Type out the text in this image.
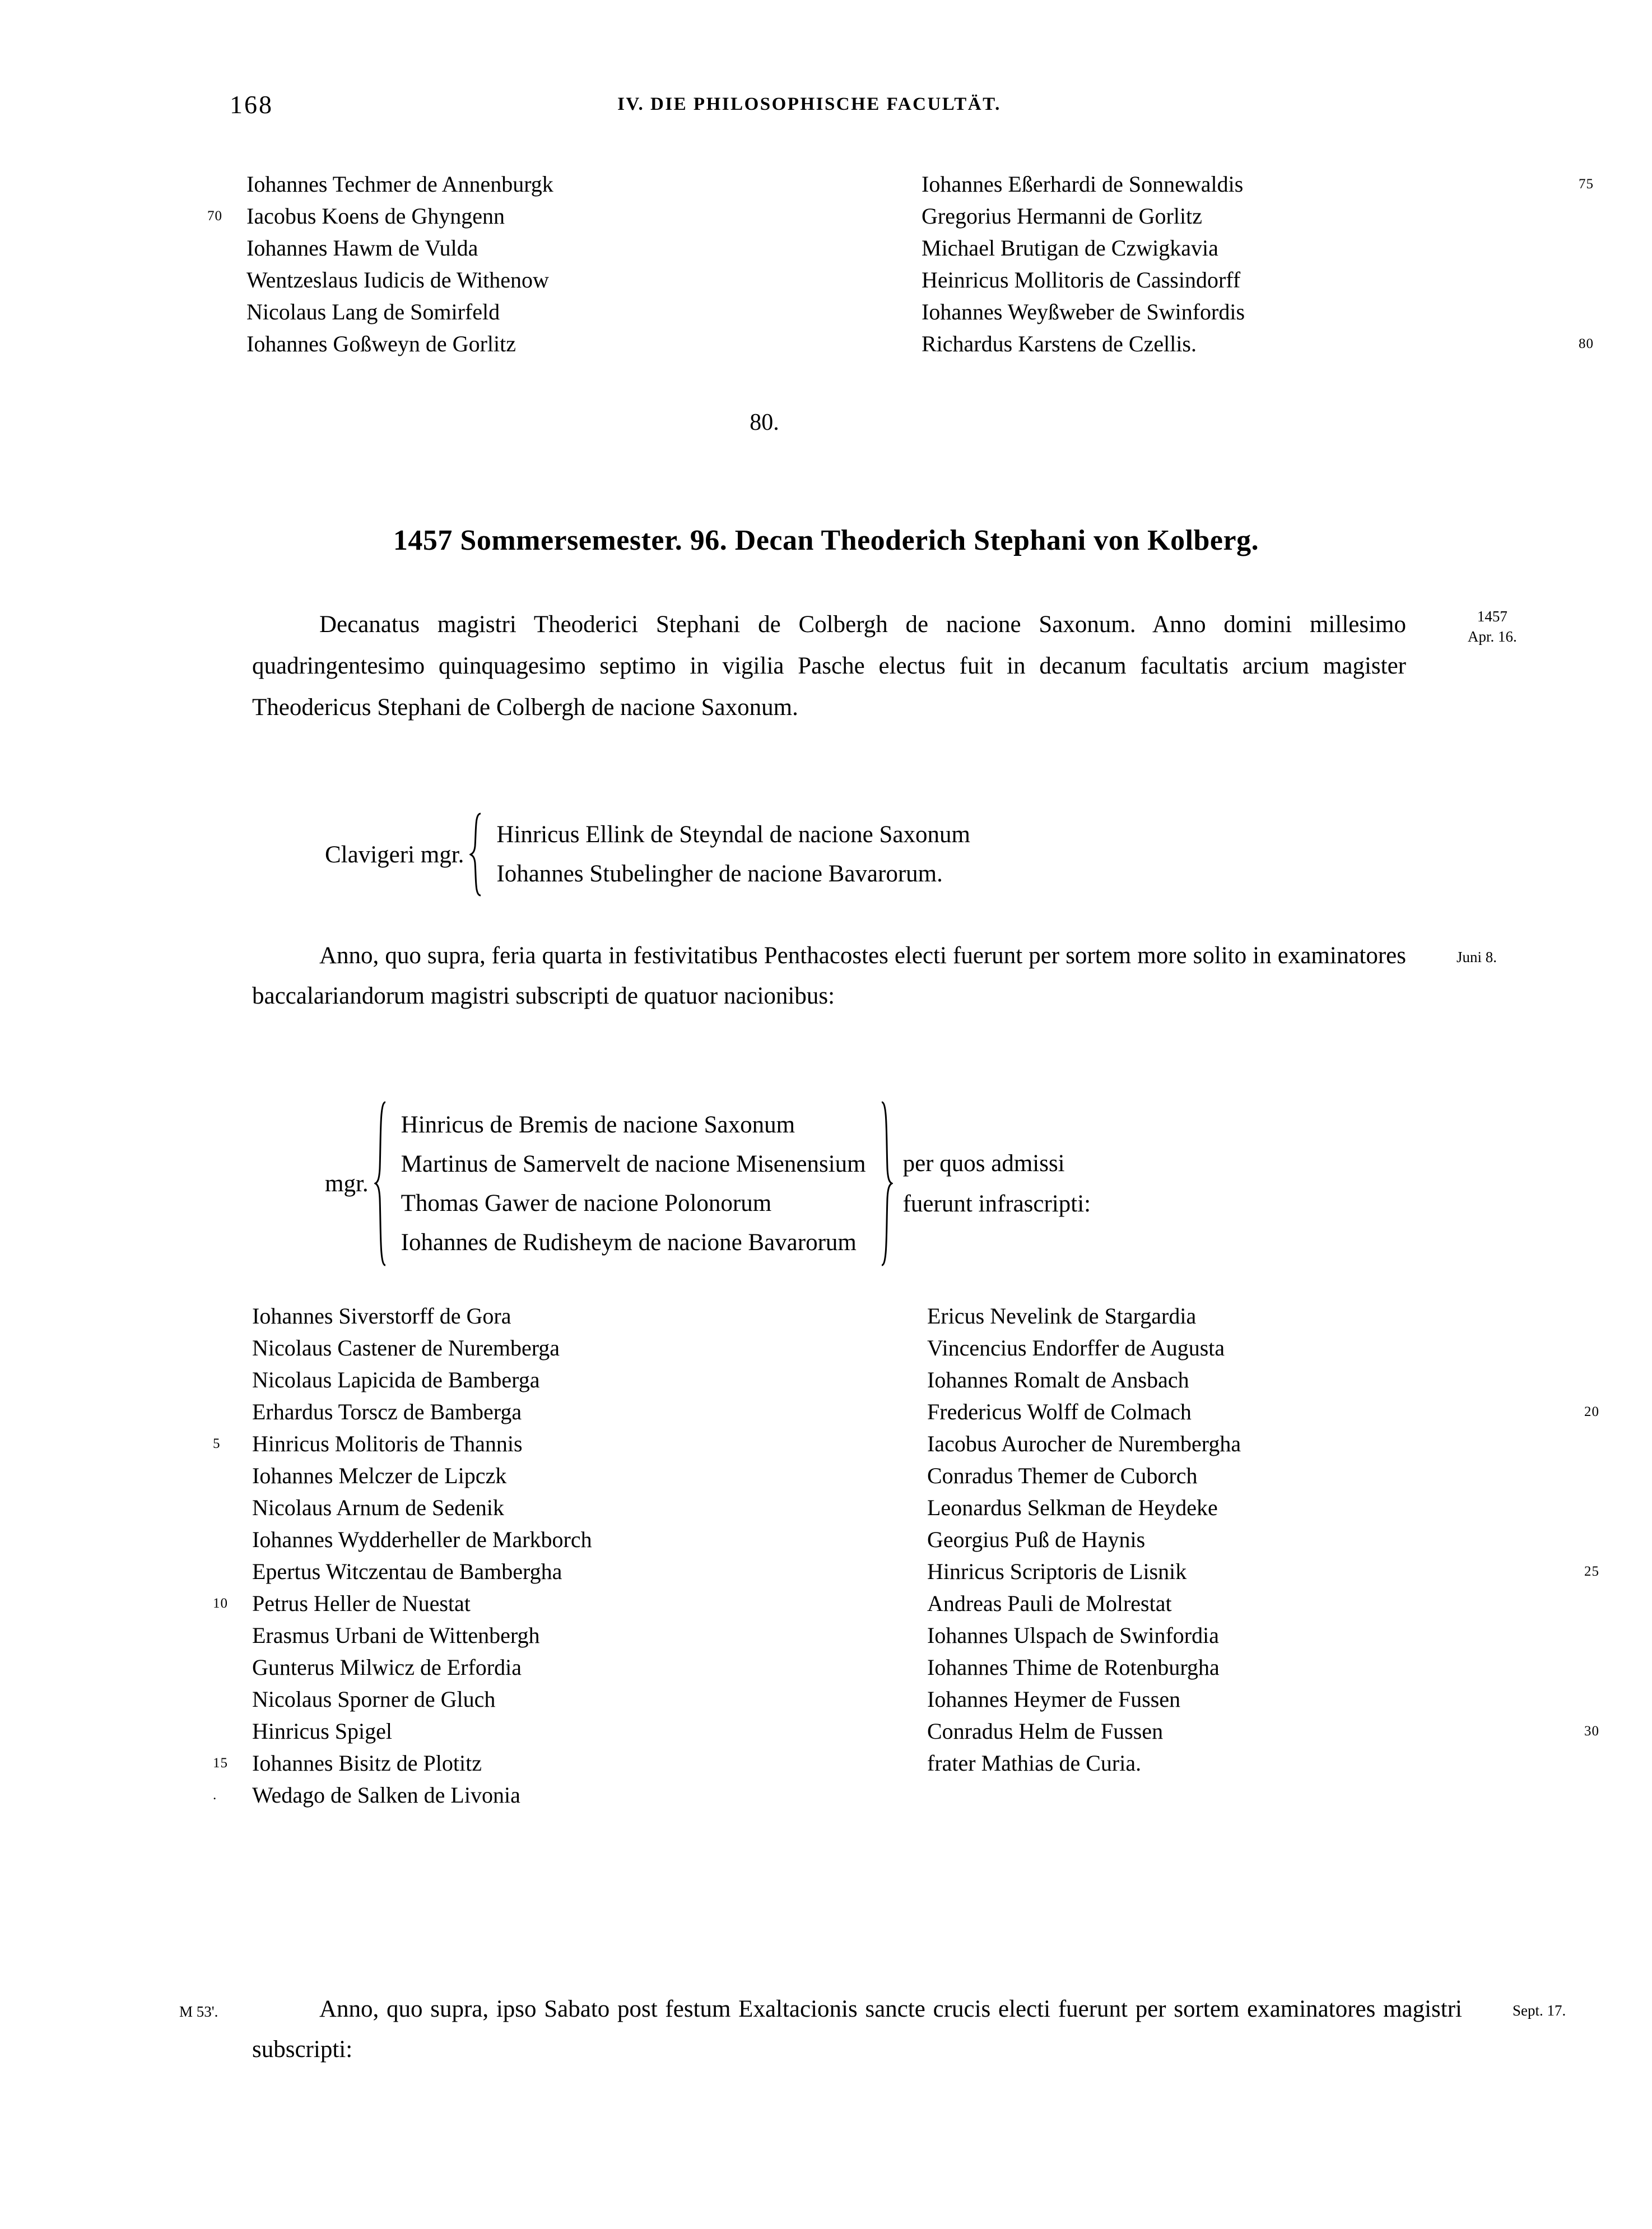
168	IV. DIE PHILOSOPHISCHE FACULTÄT.
Iohannes Techmer de Annenburgk
70 Iacobus Koens de Ghyngenn
Iohannes Hawm de Vulda
Wentzeslaus Iudicis de Withenow
Nicolaus Lang de Somirfeld
Iohannes Goßweyn de Gorlitz
Iohannes Eßerhardi de Sonnewaldis	75
Gregorius Hermanni de Gorlitz
Michael Brutigan de Czwigkavia
Heinricus Mollitoris de Cassindorff
Iohannes Weyßweber de Swinfordis
Richardus Karstens de Czellis.	80
80.
1457 Sommersemester. 96. Decan Theoderich Stephani von Kolberg.
Decanatus magistri Theoderici Stephani de Colbergh de nacione Saxonum. Anno domini millesimo quadringentesimo quinquagesimo septimo in vigilia Pasche electus fuit in decanum facultatis arcium magister Theodericus Stephani de Colbergh de nacione Saxonum.
1457
Apr. 16.
Clavigeri mgr.
Hinricus Ellink de Steyndal de nacione Saxonum
Iohannes Stubelingher de nacione Bavarorum.
Anno, quo supra, feria quarta in festivitatibus Penthacostes electi fuerunt per sortem more solito in examinatores baccalariandorum magistri subscripti de quatuor nacionibus:
Juni 8.
mgr.
Hinricus de Bremis de nacione Saxonum
Martinus de Samervelt de nacione Misenensium
Thomas Gawer de nacione Polonorum
Iohannes de Rudisheym de nacione Bavarorum
per quos admissi
fuerunt infrascripti:
Iohannes Siverstorff de Gora
Nicolaus Castener de Nuremberga
Nicolaus Lapicida de Bamberga
Erhardus Torscz de Bamberga
5 Hinricus Molitoris de Thannis
Iohannes Melczer de Lipczk
Nicolaus Arnum de Sedenik
Iohannes Wydderheller de Markborch
Epertus Witczentau de Bambergha
10 Petrus Heller de Nuestat
Erasmus Urbani de Wittenbergh
Gunterus Milwicz de Erfordia
Nicolaus Sporner de Gluch
Hinricus Spigel
15 Iohannes Bisitz de Plotitz
. Wedago de Salken de Livonia
Ericus Nevelink de Stargardia
Vincencius Endorffer de Augusta
Iohannes Romalt de Ansbach
Fredericus Wolff de Colmach	20
Iacobus Aurocher de Nurembergha
Conradus Themer de Cuborch
Leonardus Selkman de Heydeke
Georgius Puß de Haynis
Hinricus Scriptoris de Lisnik	25
Andreas Pauli de Molrestat
Iohannes Ulspach de Swinfordia
Iohannes Thime de Rotenburgha
Iohannes Heymer de Fussen
Conradus Helm de Fussen	30
frater Mathias de Curia.
Anno, quo supra, ipso Sabato post festum Exaltacionis sancte crucis electi fuerunt per sortem examinatores magistri subscripti:
M 53'.	Sept. 17.
